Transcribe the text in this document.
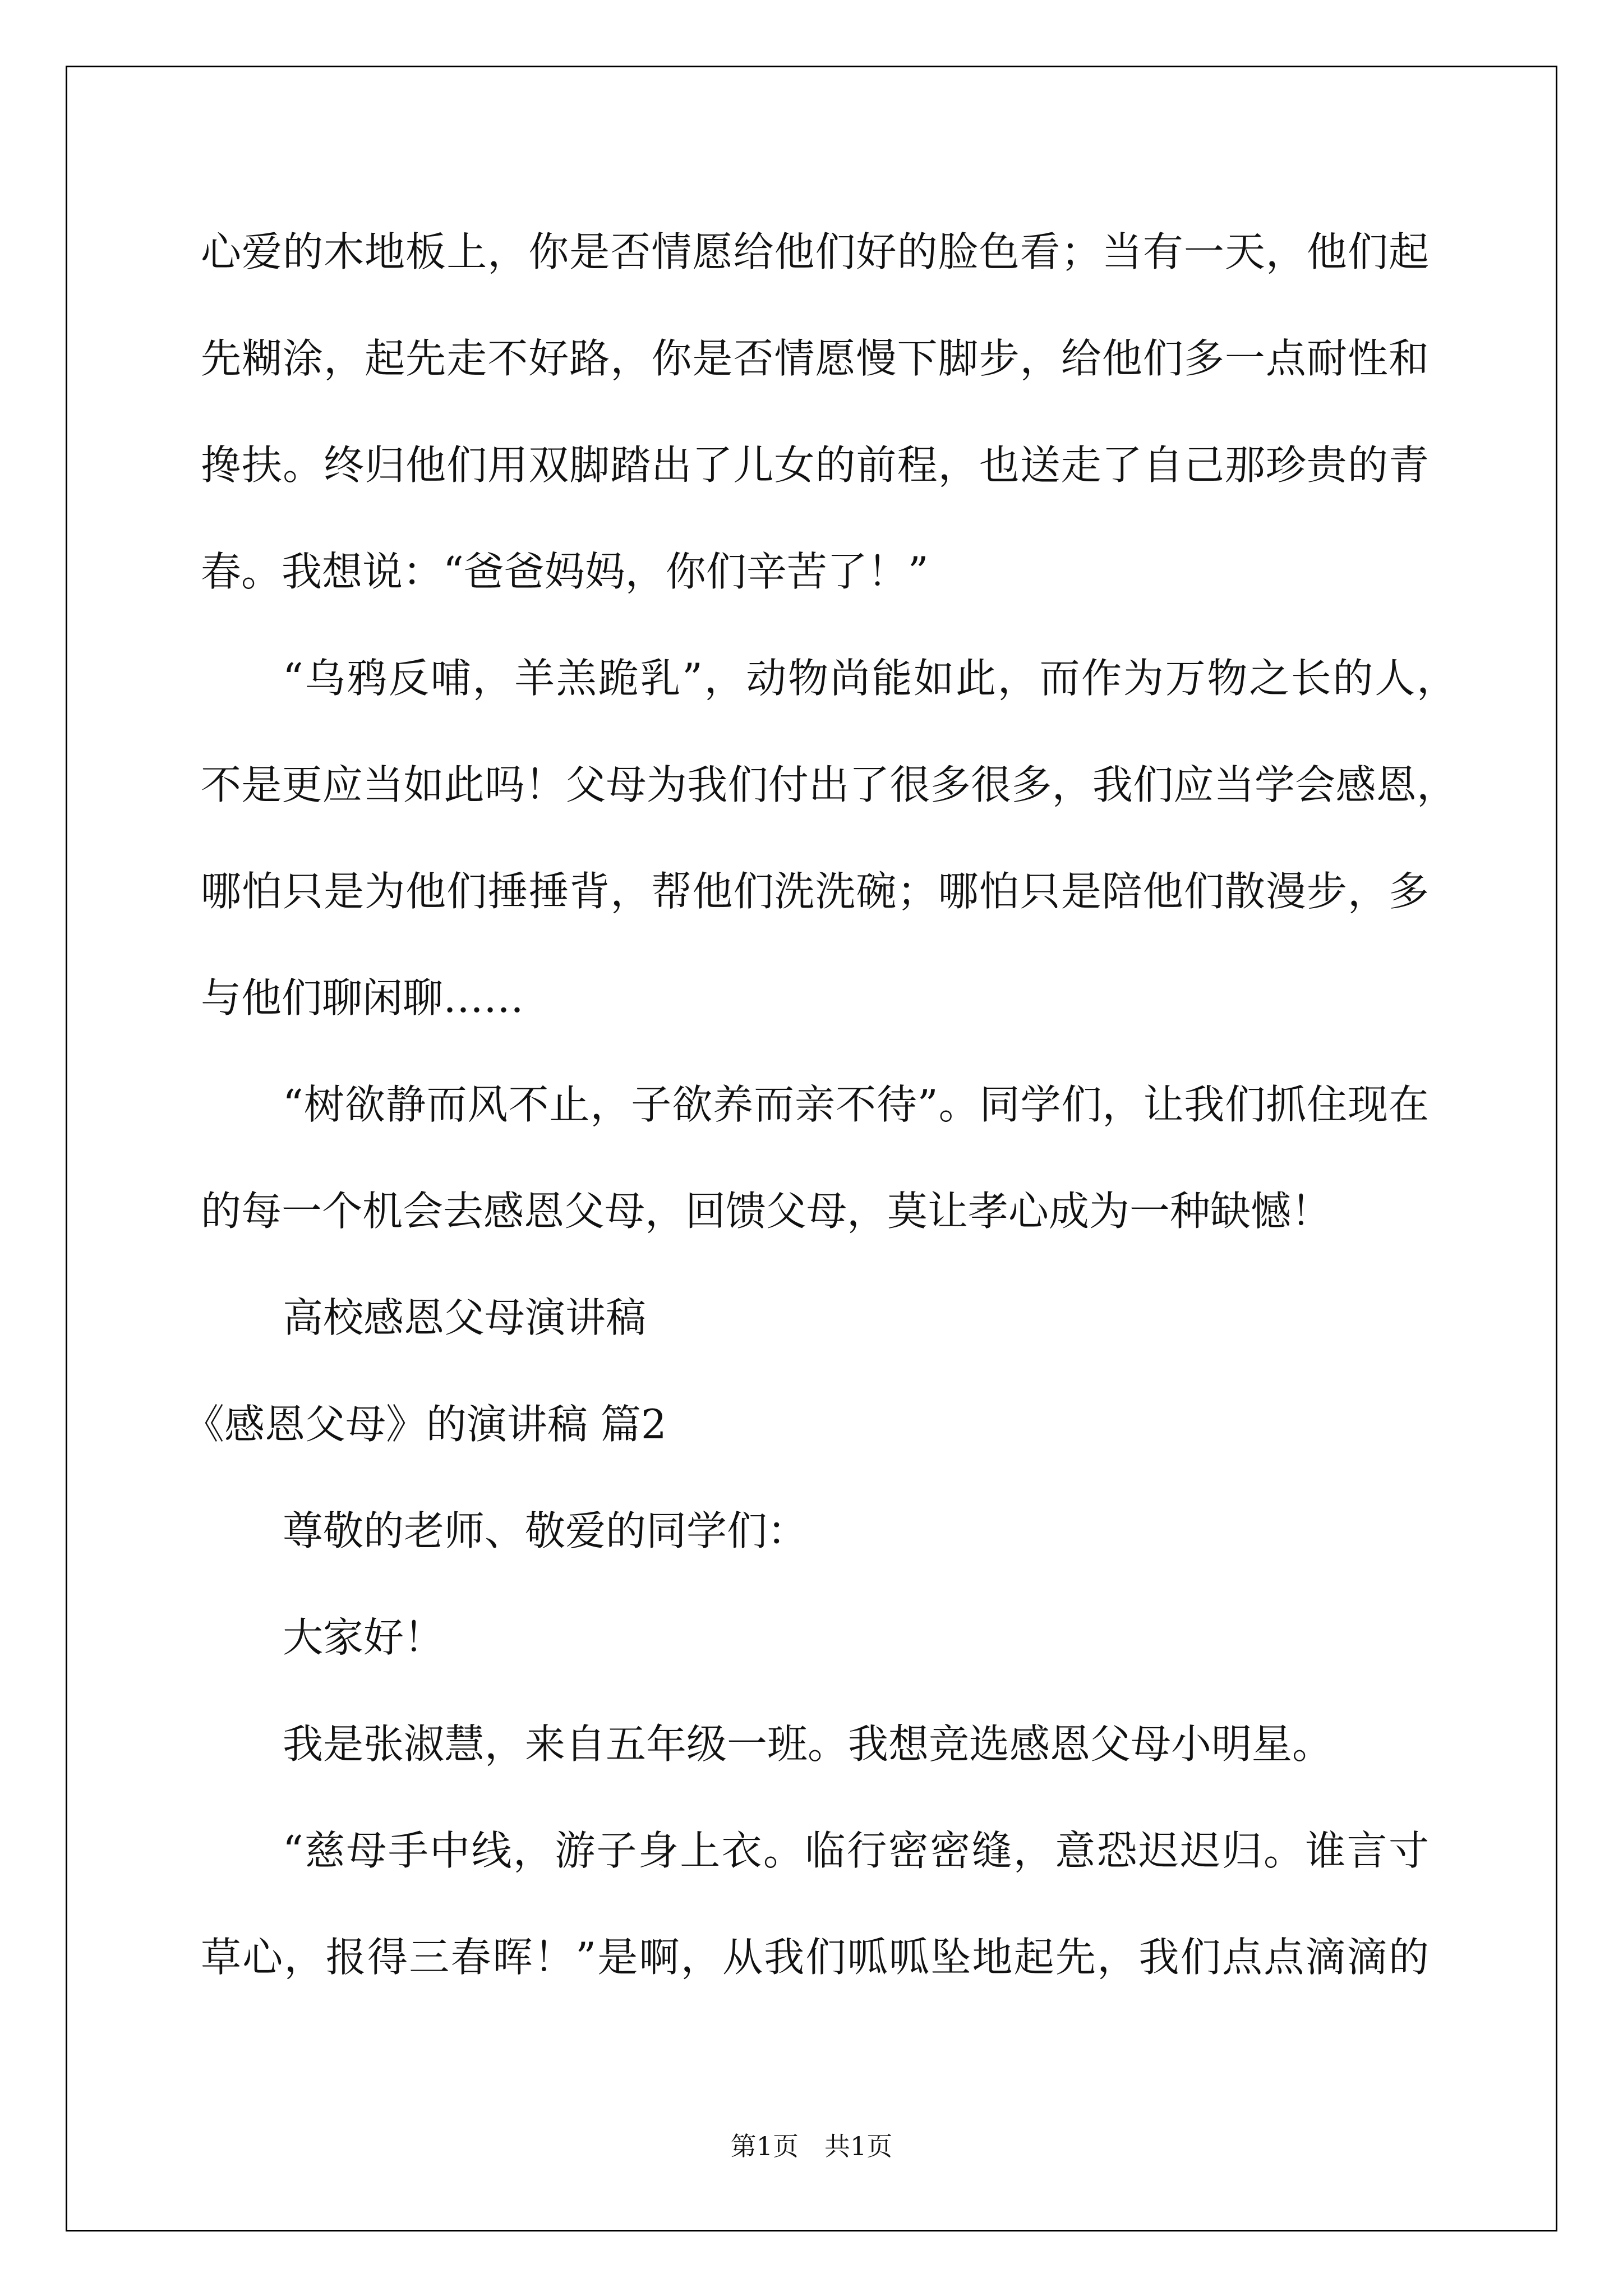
心爱的木地板上，你是否情愿给他们好的脸色看；当有一天，他们起
先糊涂，起先走不好路，你是否情愿慢下脚步，给他们多一点耐性和
搀扶。终归他们用双脚踏出了儿女的前程，也送走了自己那珍贵的青
春。我想说：“爸爸妈妈，你们辛苦了！”
“乌鸦反哺，羊羔跪乳”，动物尚能如此，而作为万物之长的人，
不是更应当如此吗！父母为我们付出了很多很多，我们应当学会感恩，
哪怕只是为他们捶捶背，帮他们洗洗碗；哪怕只是陪他们散漫步，多
与他们聊闲聊……
“树欲静而风不止，子欲养而亲不待”。同学们，让我们抓住现在
的每一个机会去感恩父母，回馈父母，莫让孝心成为一种缺憾！
高校感恩父母演讲稿
《感恩父母》的演讲稿 篇2
尊敬的老师、敬爱的同学们：
大家好！
我是张淑慧，来自五年级一班。我想竞选感恩父母小明星。
“慈母手中线，游子身上衣。临行密密缝，意恐迟迟归。谁言寸
草心，报得三春晖！”是啊，从我们呱呱坠地起先，我们点点滴滴的
第1页　共1页
